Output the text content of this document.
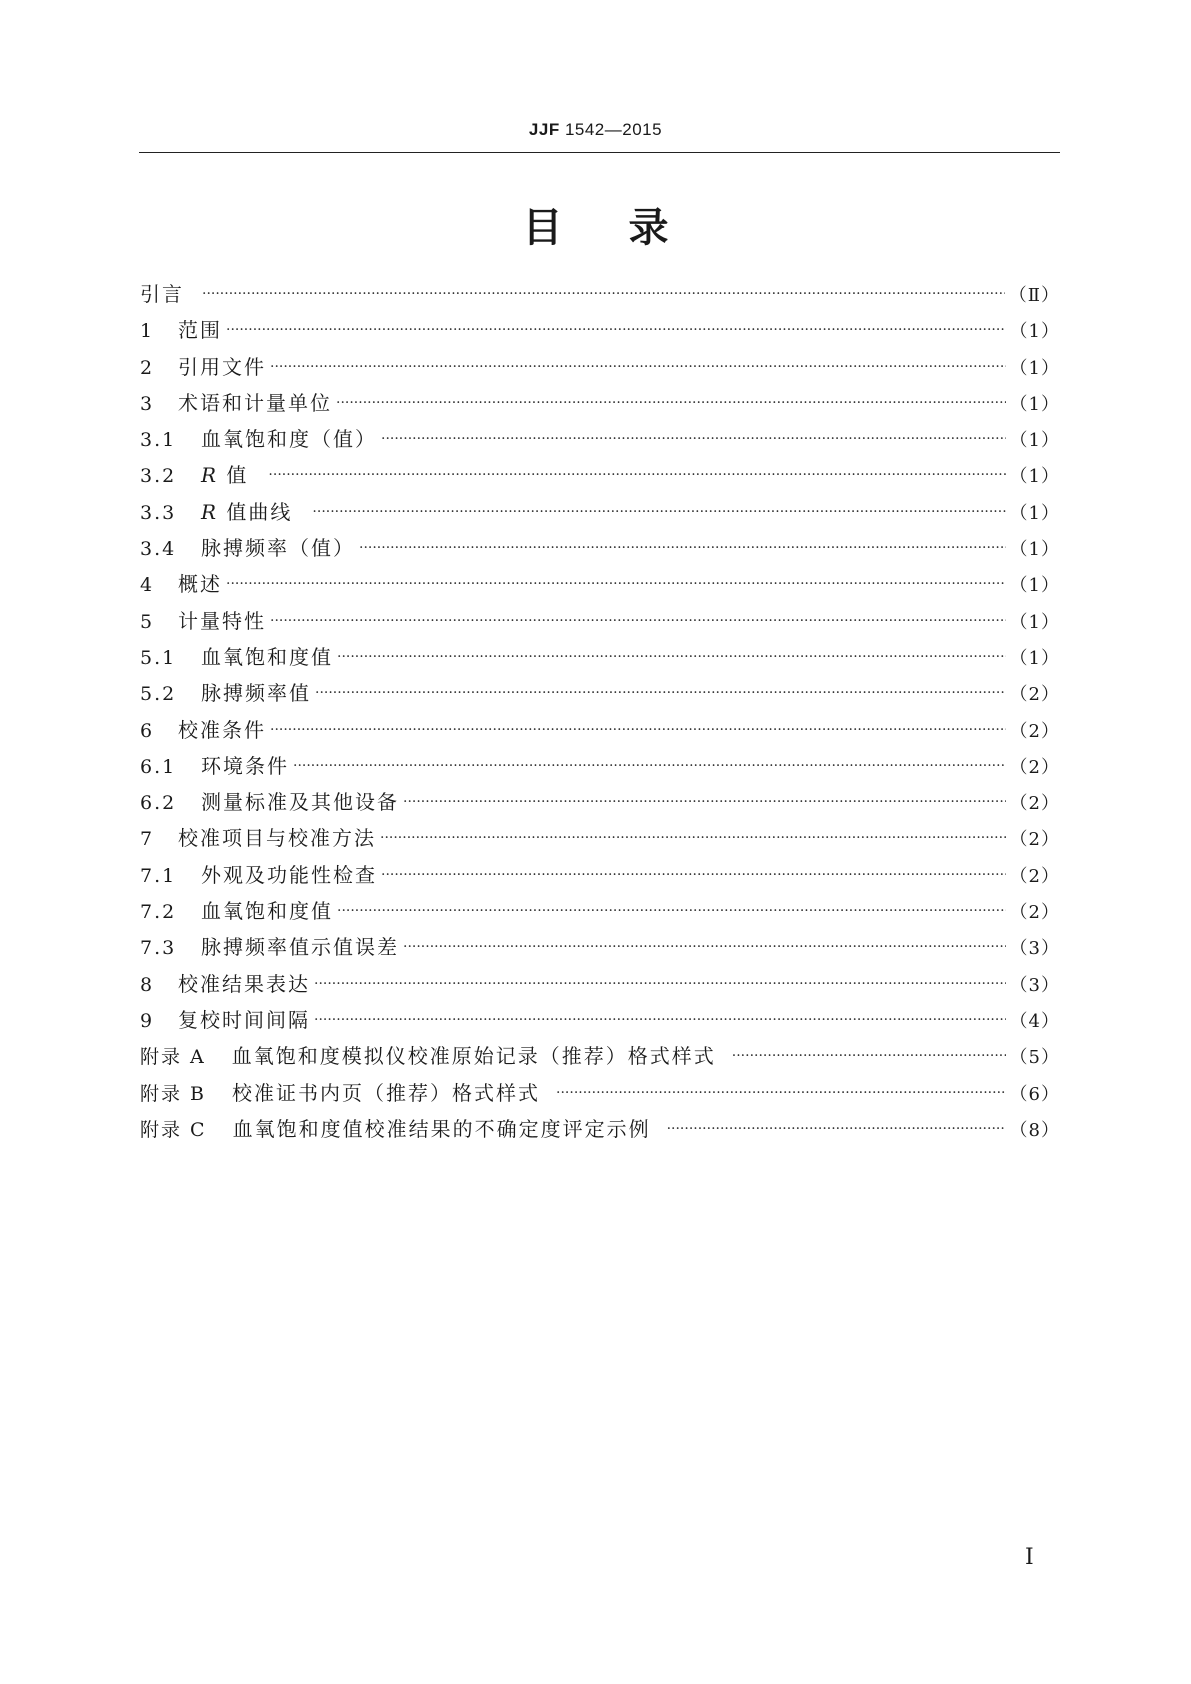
JJF 1542—2015
目 录
引言 ·····	（Ⅱ）
1	范围 ·····	（1）
2	引用文件 ·····	（1）
3	术语和计量单位 ·····	（1）
3.1	血氧饱和度（值） ·····	（1）
3.2	R 值 ·····	（1）
3.3	R 值曲线 ·····	（1）
3.4	脉搏频率（值） ·····	（1）
4	概述 ·····	（1）
5	计量特性 ·····	（1）
5.1	血氧饱和度值 ·····	（1）
5.2	脉搏频率值 ·····	（2）
6	校准条件 ·····	（2）
6.1	环境条件 ·····	（2）
6.2	测量标准及其他设备 ·····	（2）
7	校准项目与校准方法 ·····	（2）
7.1	外观及功能性检查 ·····	（2）
7.2	血氧饱和度值 ·····	（2）
7.3	脉搏频率值示值误差 ·····	（3）
8	校准结果表达 ·····	（3）
9	复校时间间隔 ·····	（4）
附录 A 血氧饱和度模拟仪校准原始记录（推荐）格式样式 ·····	（5）
附录 B 校准证书内页（推荐）格式样式 ·····	（6）
附录 C 血氧饱和度值校准结果的不确定度评定示例 ·····	（8）
I
